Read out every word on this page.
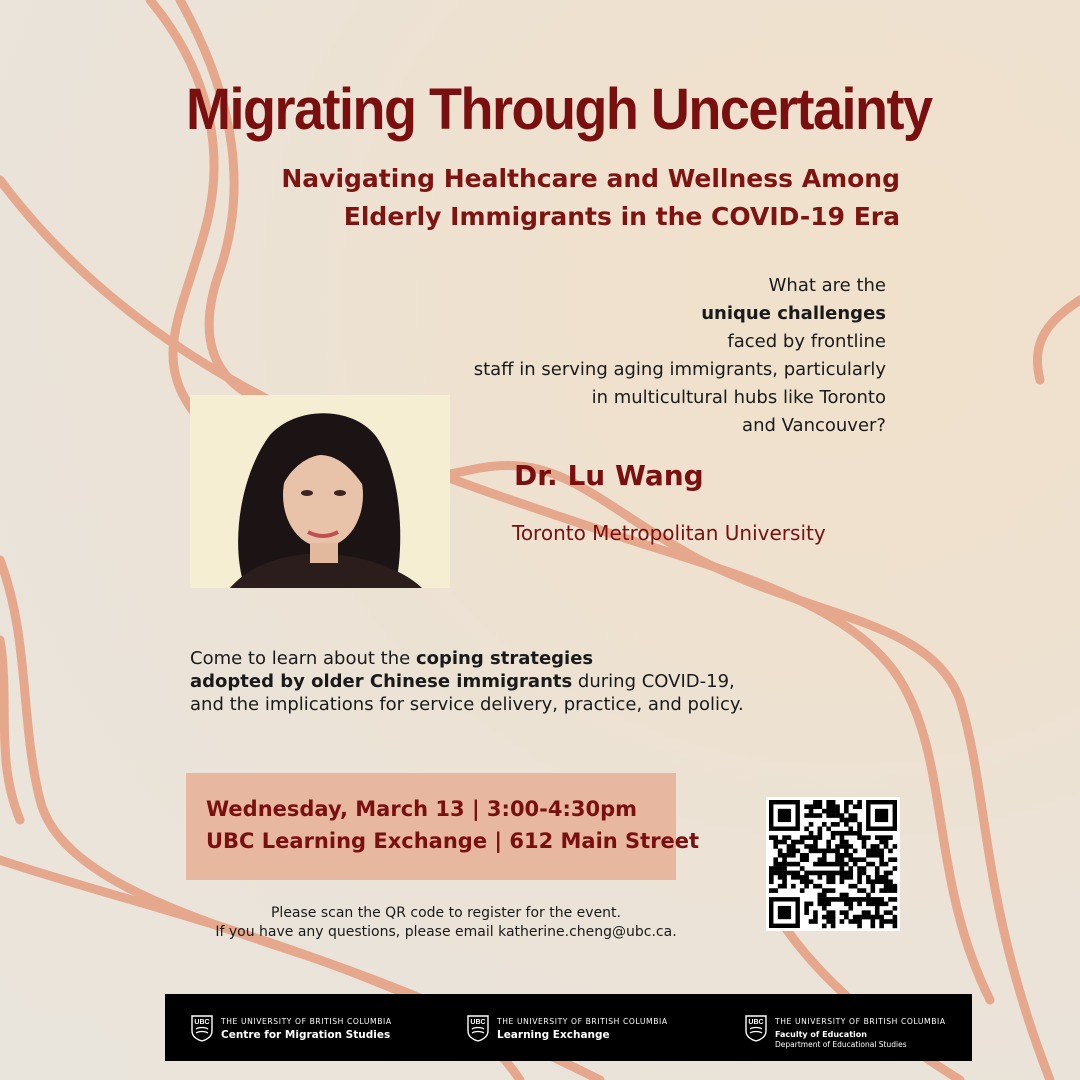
Migrating Through Uncertainty
Navigating Healthcare and Wellness Among
Elderly Immigrants in the COVID-19 Era
What are the
unique challenges
faced by frontline
staff in serving aging immigrants, particularly
in multicultural hubs like Toronto
and Vancouver?
Dr. Lu Wang
Toronto Metropolitan University
Come to learn about the coping strategies
adopted by older Chinese immigrants during COVID-19,
and the implications for service delivery, practice, and policy.
Wednesday, March 13 | 3:00-4:30pm
UBC Learning Exchange | 612 Main Street
Please scan the QR code to register for the event.
If you have any questions, please email katherine.cheng@ubc.ca.
UBC THE UNIVERSITY OF BRITISH COLUMBIA
Centre for Migration Studies
UBC THE UNIVERSITY OF BRITISH COLUMBIA
Learning Exchange
UBC THE UNIVERSITY OF BRITISH COLUMBIA
Faculty of Education
Department of Educational Studies
